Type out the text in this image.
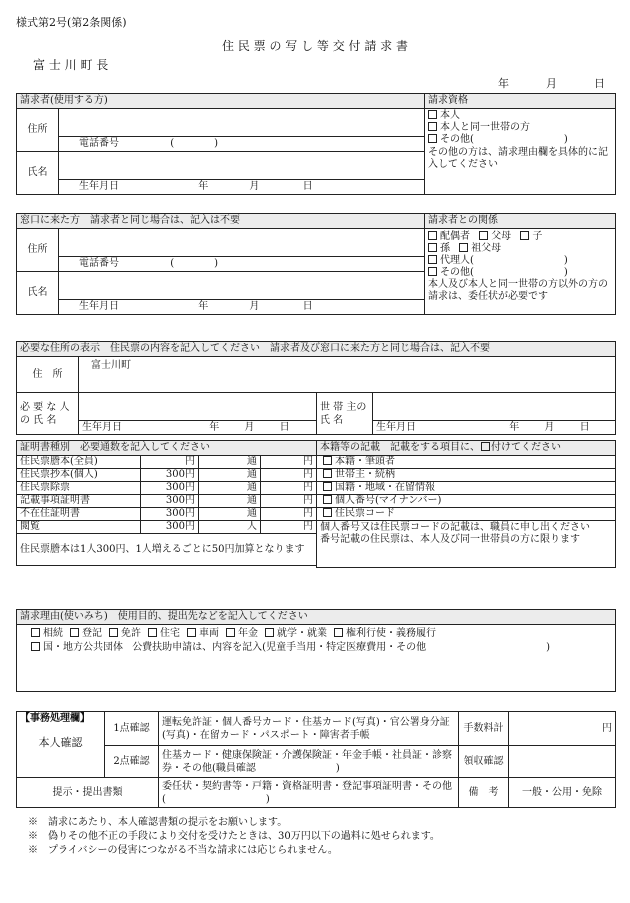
様式第2号(第2条関係)
住 民 票 の 写 し 等 交 付 請 求 書
富 士 川 町 長
年	月	日
請求者(使用する方)		請求資格
住所		本人
本人と同一世帯の方
その他(　　　　　　　　　)
その他の方は、請求理由欄を具体的に記入してください

	電話番号 (　　　　)	
氏名		
	生年月日 年 月 日	
窓口に来た方　請求者と同じ場合は、記入は不要		請求者との関係
住所		配偶者 父母 子
孫 祖父母
代理人(　　　　　　　　　)
その他(　　　　　　　　　)
本人及び本人と同一世帯の方以外の方の請求は、委任状が必要です

	電話番号 (　　　　)	
氏名		
	生年月日 年 月 日	
必要な住所の表示　住民票の内容を記入してください　請求者及び窓口に来た方と同じ場合は、記入不要			
住　所	富士川町		
必 要 な 人の 氏 名		世 帯 主の 氏 名	
	生年月日 年 月 日		生年月日 年 月 日
証明書種別　必要通数を記入してください			
住民票謄本(全員)	円	通	円
住民票抄本(個人)	300円	通	円
住民票除票	300円	通	円
記載事項証明書	300円	通	円
不在住証明書	300円	通	円
閲覧	300円	人	円
住民票謄本は1人300円、1人増えるごとに50円加算となります			
本籍等の記載　記載をする項目に、 付けてください
本籍・筆頭者
世帯主・続柄
国籍・地域・在留情報
個人番号(マイナンバー)
住民票コード

個人番号又は住民票コードの記載は、職員に申し出ください
番号記載の住民票は、本人及び同一世帯員の方に限ります
請求理由(使いみち)　使用目的、提出先などを記入してください

相続 登記 免許 住宅 車両 年金 就学・就業 権利行使・義務履行
国・地方公共団体 公費扶助申請は、内容を記入(児童手当用・特定医療費用・その他　　　　　　　　　　　　)
【事務処理欄】
本人確認	1点確認	運転免許証・個人番号カード・住基カード(写真)・官公署身分証(写真)・在留カード・パスポート・障害者手帳	手数料計	円
	2点確認	住基カード・健康保険証・介護保険証・年金手帳・社員証・診察券・その他(職員確認　　　　　　　　)	領収確認	
提示・提出書類		委任状・契約書等・戸籍・資格証明書・登記事項証明書・その他(　　　　　　　　　　)	備　考	一般・公用・免除
※　請求にあたり、本人確認書類の提示をお願いします。
※　偽りその他不正の手段により交付を受けたときは、30万円以下の過料に処せられます。
※　プライバシーの侵害につながる不当な請求には応じられません。
